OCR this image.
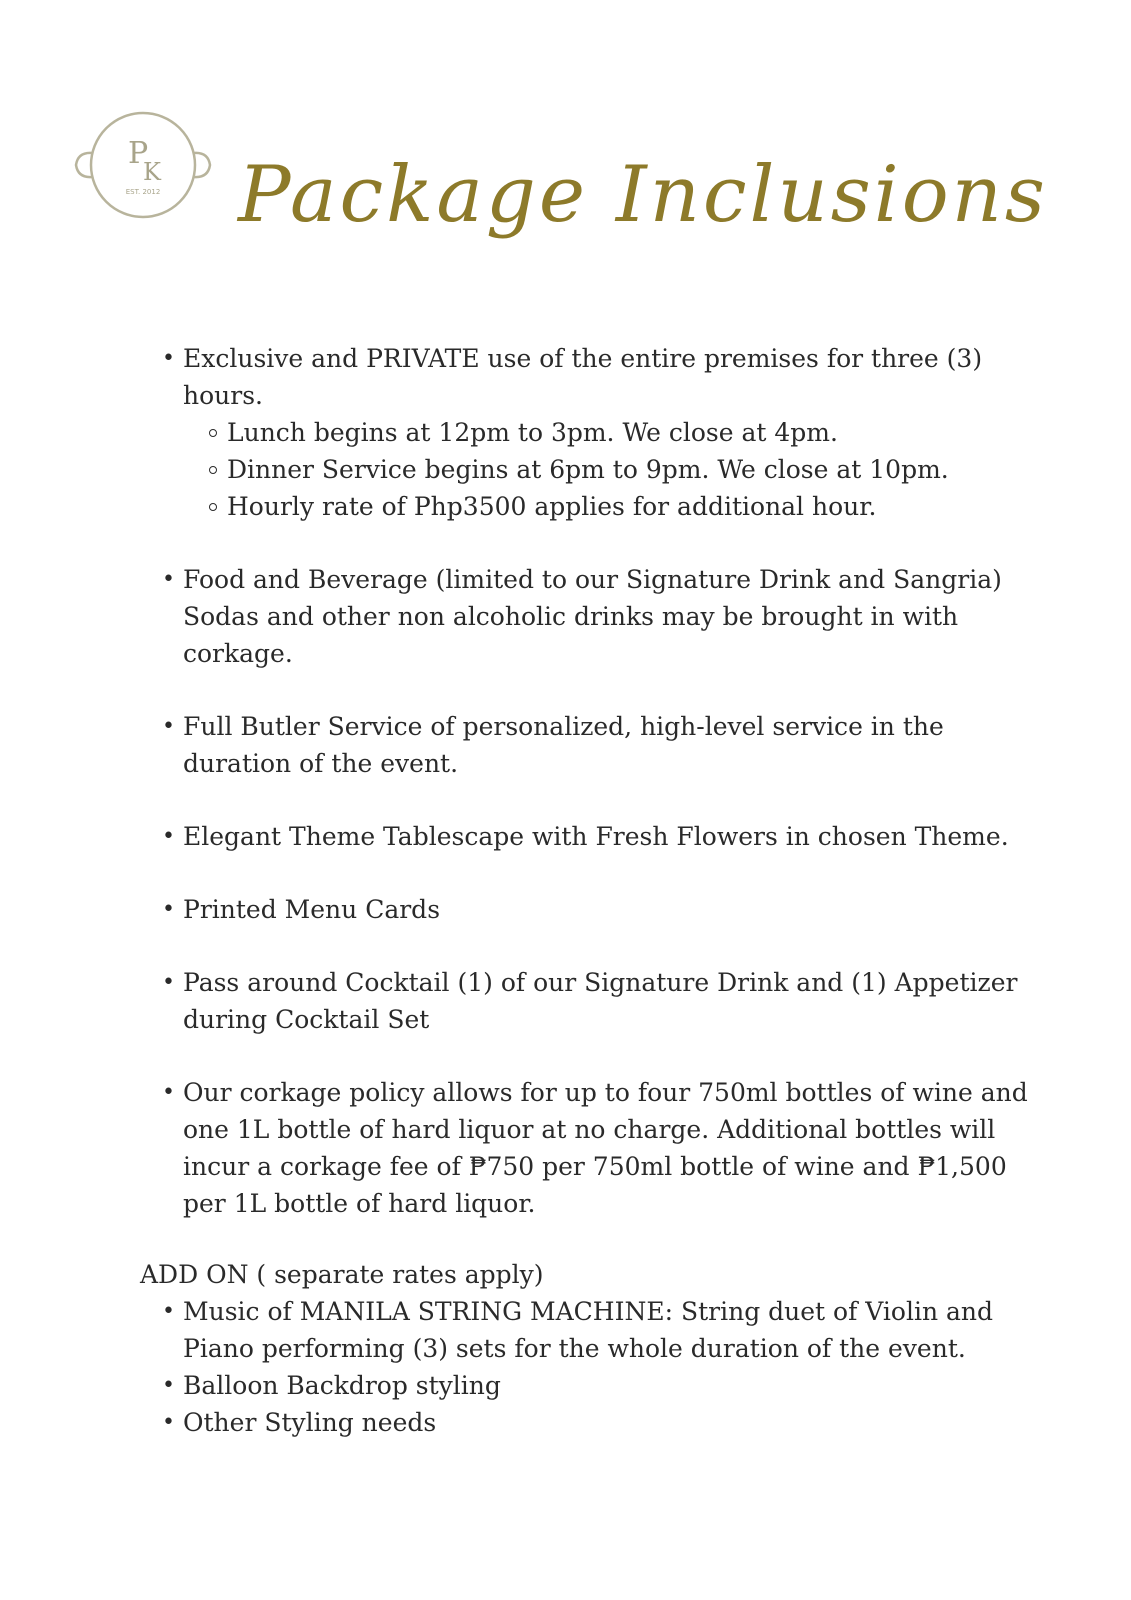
P
K
EST. 2012 Package Inclusions
• Exclusive and PRIVATE use of the entire premises for three (3) hours.
Lunch begins at 12pm to 3pm. We close at 4pm.
Dinner Service begins at 6pm to 9pm. We close at 10pm.
Hourly rate of Php3500 applies for additional hour.
• Food and Beverage (limited to our Signature Drink and Sangria) Sodas and other non alcoholic drinks may be brought in with corkage.
• Full Butler Service of personalized, high-level service in the duration of the event.
• Elegant Theme Tablescape with Fresh Flowers in chosen Theme.
• Printed Menu Cards
• Pass around Cocktail (1) of our Signature Drink and (1) Appetizer during Cocktail Set
• Our corkage policy allows for up to four 750ml bottles of wine and one 1L bottle of hard liquor at no charge. Additional bottles will incur a corkage fee of ₱750 per 750ml bottle of wine and ₱1,500 per 1L bottle of hard liquor.
ADD ON ( separate rates apply)
• Music of MANILA STRING MACHINE: String duet of Violin and Piano performing (3) sets for the whole duration of the event.
• Balloon Backdrop styling
• Other Styling needs
